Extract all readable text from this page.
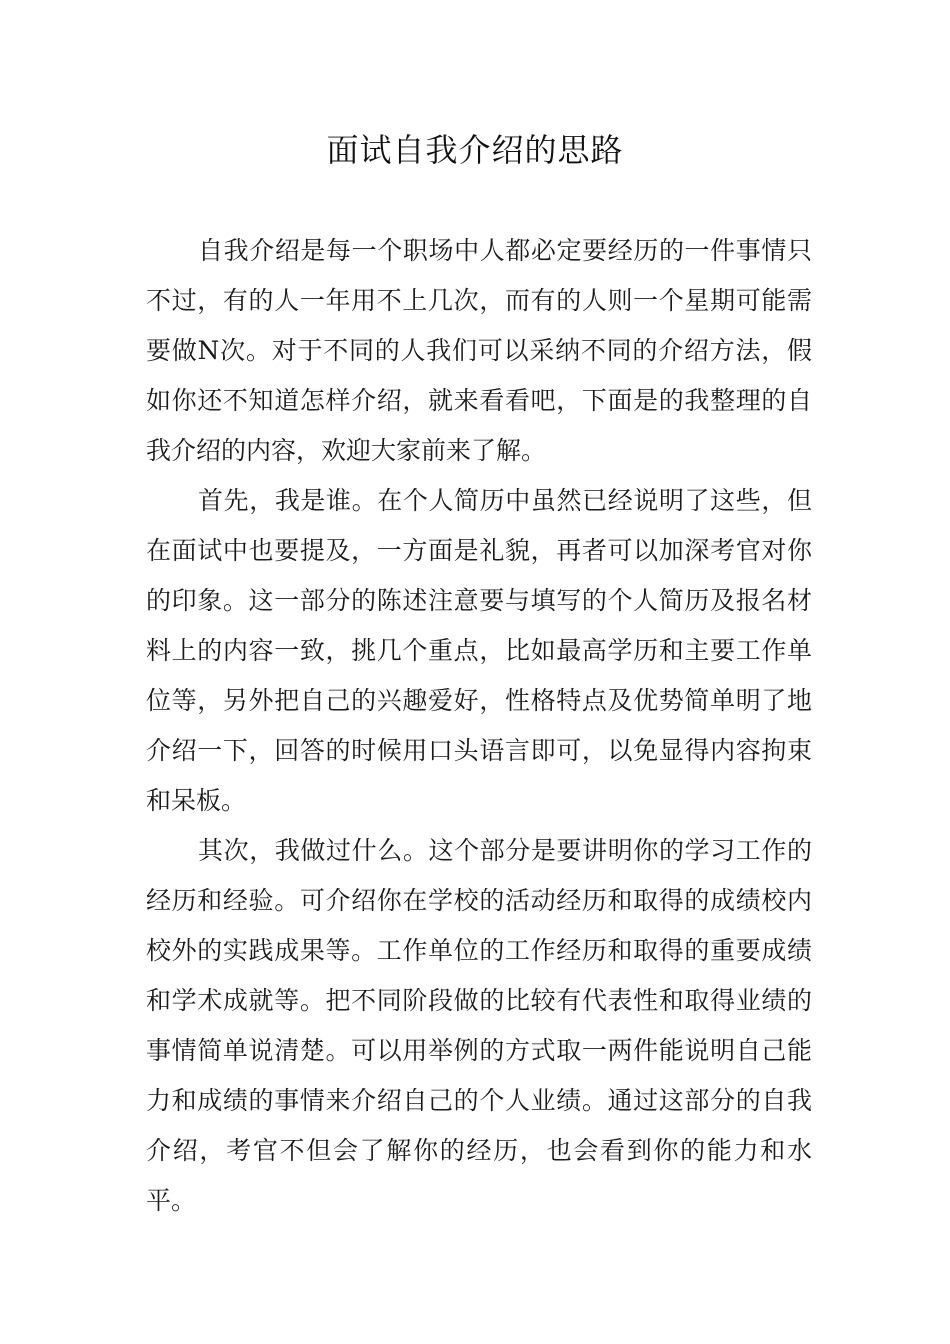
面试自我介绍的思路

自我介绍是每一个职场中人都必定要经历的一件事情只不过，有的人一年用不上几次，而有的人则一个星期可能需要做N次。对于不同的人我们可以采纳不同的介绍方法，假如你还不知道怎样介绍，就来看看吧，下面是的我整理的自我介绍的内容，欢迎大家前来了解。

首先，我是谁。在个人简历中虽然已经说明了这些，但在面试中也要提及，一方面是礼貌，再者可以加深考官对你的印象。这一部分的陈述注意要与填写的个人简历及报名材料上的内容一致，挑几个重点，比如最高学历和主要工作单位等，另外把自己的兴趣爱好，性格特点及优势简单明了地介绍一下，回答的时候用口头语言即可，以免显得内容拘束和呆板。

其次，我做过什么。这个部分是要讲明你的学习工作的经历和经验。可介绍你在学校的活动经历和取得的成绩校内校外的实践成果等。工作单位的工作经历和取得的重要成绩和学术成就等。把不同阶段做的比较有代表性和取得业绩的事情简单说清楚。可以用举例的方式取一两件能说明自己能力和成绩的事情来介绍自己的个人业绩。通过这部分的自我介绍，考官不但会了解你的经历，也会看到你的能力和水平。
